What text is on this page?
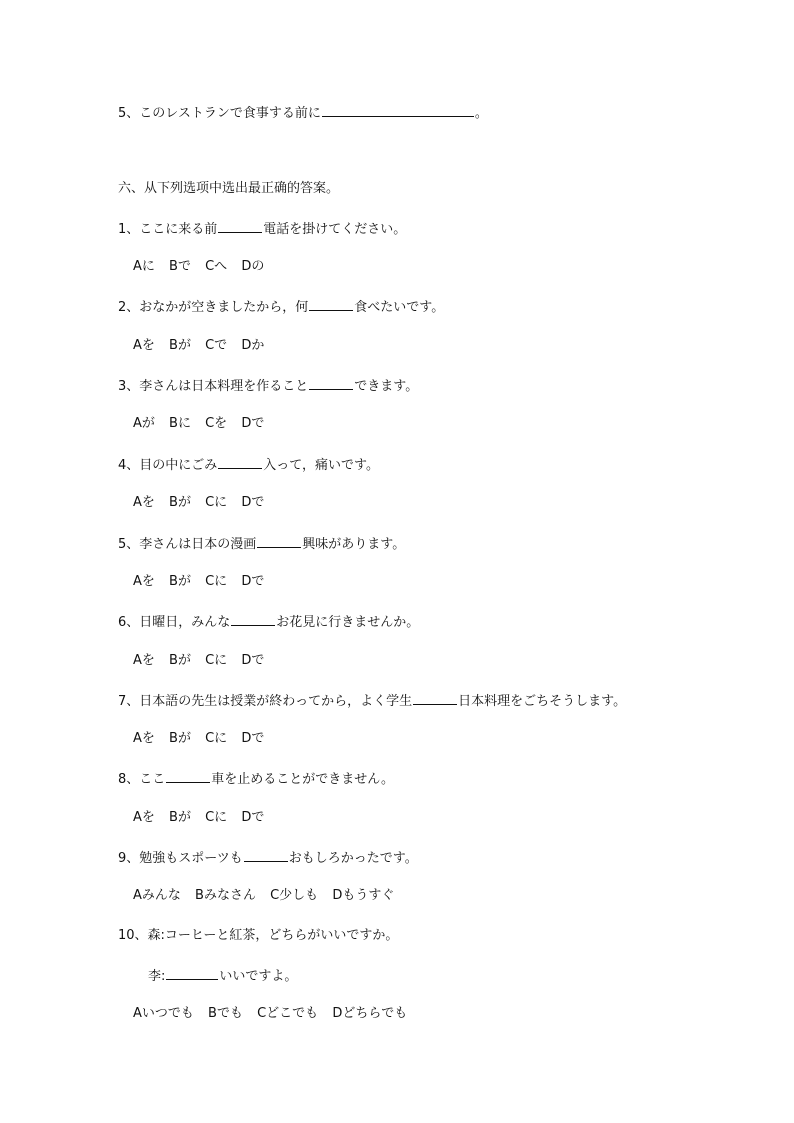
5、このレストランで食事する前に	。
六、从下列选项中选出最正确的答案。
1、ここに来る前	電話を掛けてください。
Aに Bで Cへ Dの
2、おなかが空きましたから，何	食べたいです。
Aを Bが Cで Dか
3、李さんは日本料理を作ること	できます。
Aが Bに Cを Dで
4、目の中にごみ	入って，痛いです。
Aを Bが Cに Dで
5、李さんは日本の漫画	興味があります。
Aを Bが Cに Dで
6、日曜日，みんな	お花見に行きませんか。
Aを Bが Cに Dで
7、日本語の先生は授業が終わってから，よく学生	日本料理をごちそうします。
Aを Bが Cに Dで
8、ここ	車を止めることができません。
Aを Bが Cに Dで
9、勉強もスポーツも	おもしろかったです。
Aみんな Bみなさん C少しも Dもうすぐ
10、森:コーヒーと紅茶，どちらがいいですか。
李:	いいですよ。
Aいつでも Bでも Cどこでも Dどちらでも
